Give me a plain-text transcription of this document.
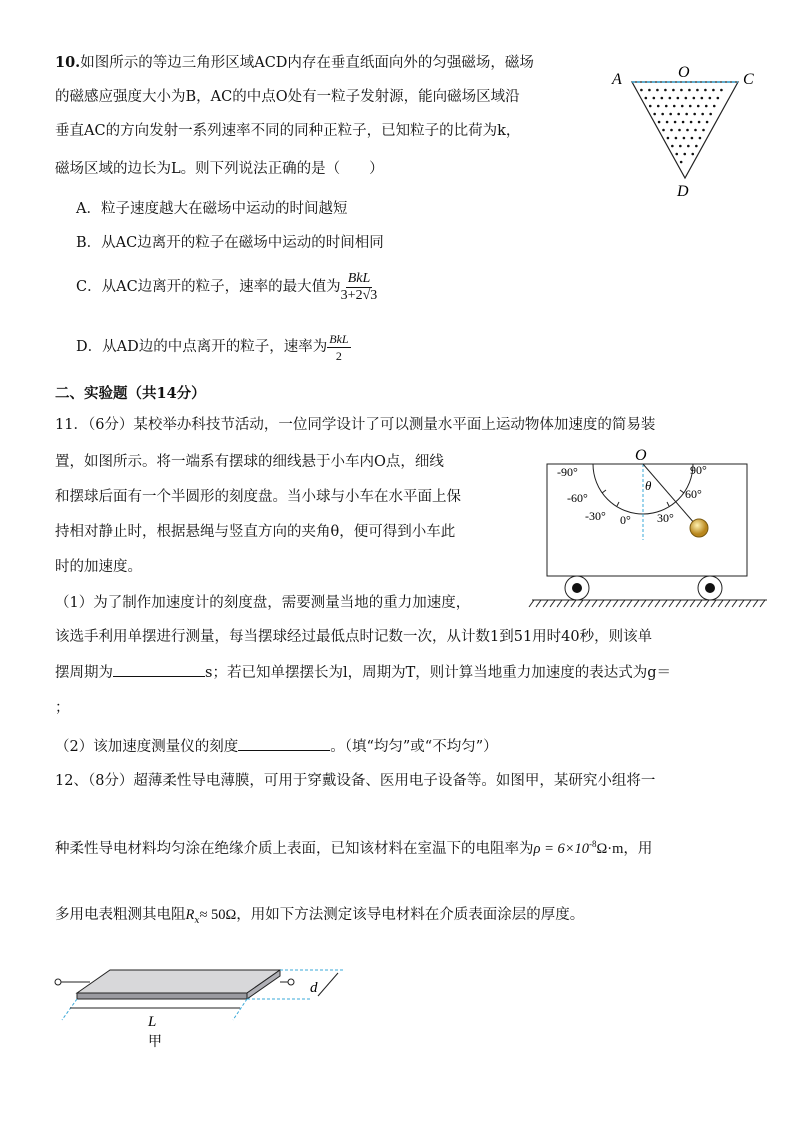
10.如图所示的等边三角形区域ACD内存在垂直纸面向外的匀强磁场，磁场
的磁感应强度大小为B，AC的中点O处有一粒子发射源，能向磁场区域沿
垂直AC的方向发射一系列速率不同的同种正粒子，已知粒子的比荷为k，
磁场区域的边长为L。则下列说法正确的是（　　）
A．粒子速度越大在磁场中运动的时间越短
B．从AC边离开的粒子在磁场中运动的时间相同
C．从AC边离开的粒子，速率的最大值为 $\frac{\text{BkL}}{3+2√3}$
D．从AD边的中点离开的粒子，速率为 $\frac{\text{BkL}}{2}$
A	O	C
D
二、实验题（共14分）
11．（6分）某校举办科技节活动，一位同学设计了可以测量水平面上运动物体加速度的简易装
置，如图所示。将一端系有摆球的细线悬于小车内O点，细线
和摆球后面有一个半圆形的刻度盘。当小球与小车在水平面上保
持相对静止时，根据悬绳与竖直方向的夹角θ，便可得到小车此
时的加速度。
（1）为了制作加速度计的刻度盘，需要测量当地的重力加速度，
该选手利用单摆进行测量，每当摆球经过最低点时记数一次，从计数1到51用时40秒，则该单
摆周期为	s；若已知单摆摆长为l，周期为T，则计算当地重力加速度的表达式为g＝
；
（2）该加速度测量仪的刻度	。（填“均匀”或“不均匀”）
O
θ
-90°
-60°
-30° 0° 30°
60°
90°
12、（8分）超薄柔性导电薄膜，可用于穿戴设备、医用电子设备等。如图甲，某研究小组将一
种柔性导电材料均匀涂在绝缘介质上表面，已知该材料在室温下的电阻率为$\rho = 6\times 10^{-8}\Omega\cdot m$，用
多用电表粗测其电阻$R_x\approx 50\Omega$，用如下方法测定该导电材料在介质表面涂层的厚度。
d
L
甲
